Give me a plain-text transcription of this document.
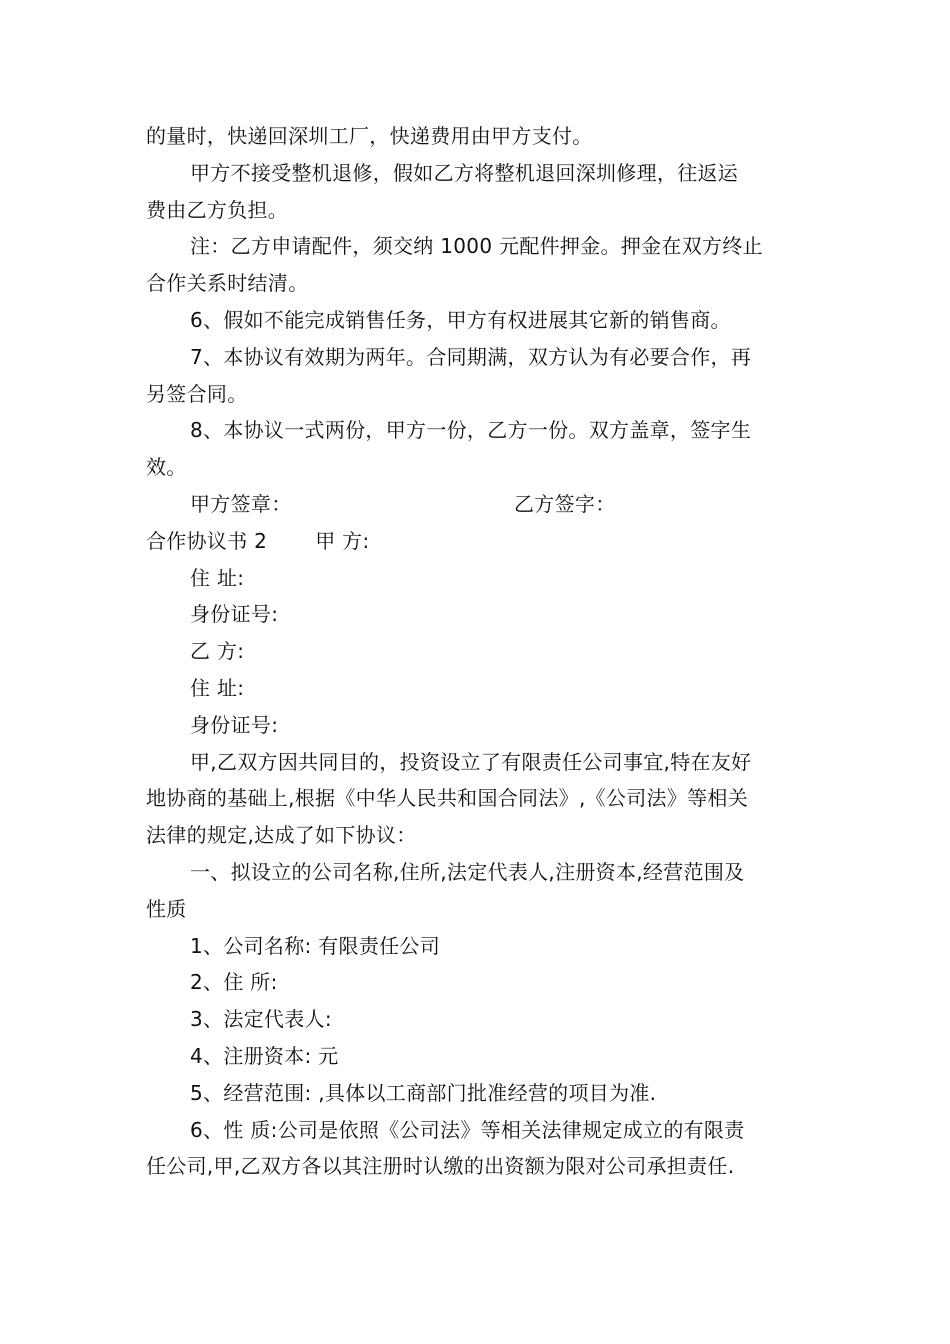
的量时，快递回深圳工厂，快递费用由甲方支付。
甲方不接受整机退修，假如乙方将整机退回深圳修理，往返运
费由乙方负担。
注：乙方申请配件，须交纳 1000 元配件押金。押金在双方终止
合作关系时结清。
6、假如不能完成销售任务，甲方有权进展其它新的销售商。
7、本协议有效期为两年。合同期满，双方认为有必要合作，再
另签合同。
8、本协议一式两份，甲方一份，乙方一份。双方盖章，签字生
效。
甲方签章：	乙方签字：
合作协议书 2 甲 方:
住 址:
身份证号:
乙 方:
住 址:
身份证号:
甲,乙双方因共同目的，投资设立了有限责任公司事宜,特在友好
地协商的基础上,根据《中华人民共和国合同法》,《公司法》等相关
法律的规定,达成了如下协议：
一、拟设立的公司名称,住所,法定代表人,注册资本,经营范围及
性质
1、公司名称: 有限责任公司
2、住 所:
3、法定代表人:
4、注册资本: 元
5、经营范围: ,具体以工商部门批准经营的项目为准.
6、性 质:公司是依照《公司法》等相关法律规定成立的有限责
任公司,甲,乙双方各以其注册时认缴的出资额为限对公司承担责任.
